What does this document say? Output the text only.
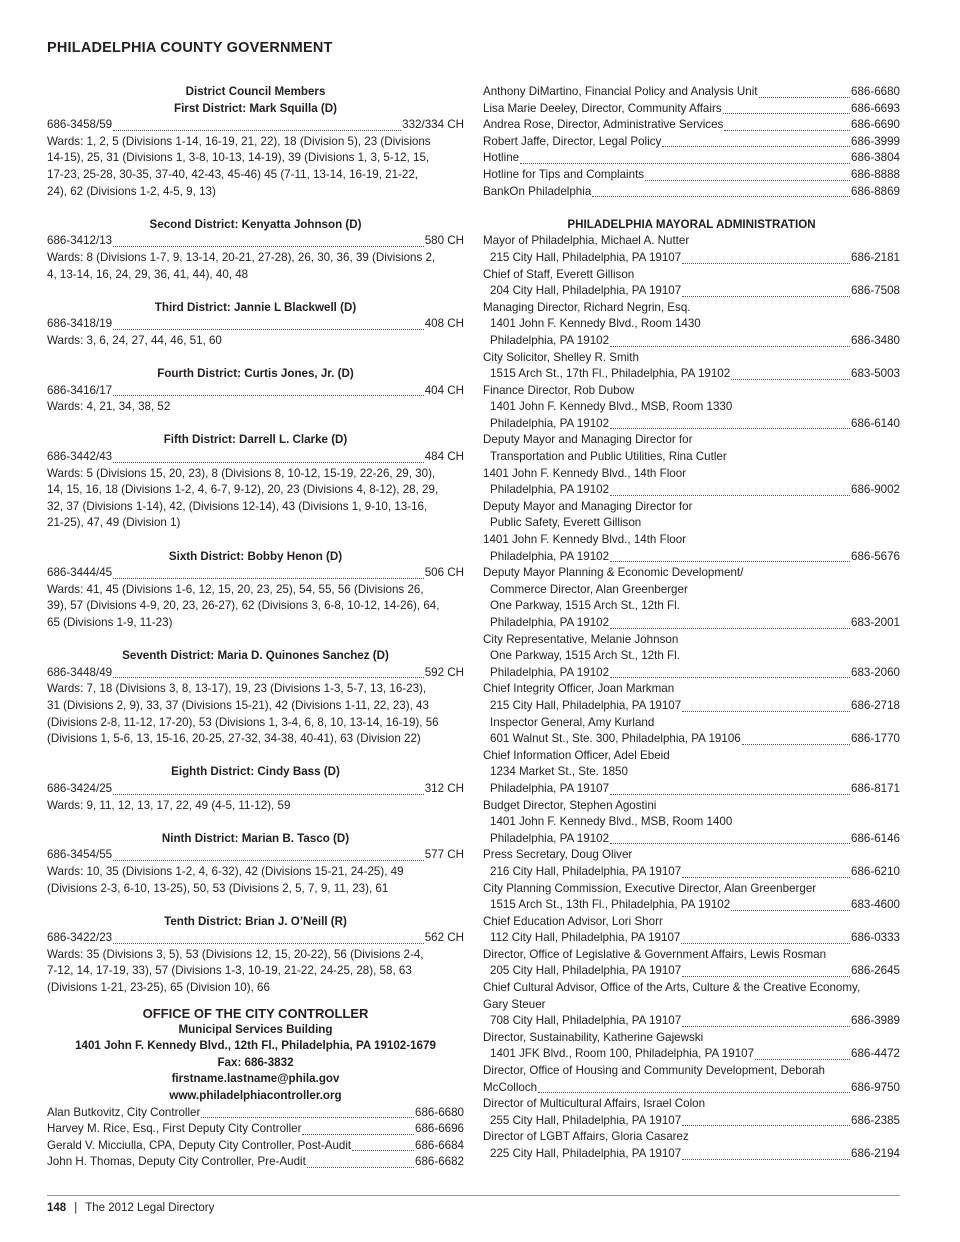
PHILADELPHIA COUNTY GOVERNMENT

District Council Members

First District: Mark Squilla (D)

686-3458/59	332/334 CH

Wards: 1, 2, 5 (Divisions 1-14, 16-19, 21, 22), 18 (Division 5), 23 (Divisions

14-15), 25, 31 (Divisions 1, 3-8, 10-13, 14-19), 39 (Divisions 1, 3, 5-12, 15,

17-23, 25-28, 30-35, 37-40, 42-43, 45-46) 45 (7-11, 13-14, 16-19, 21-22,

24), 62 (Divisions 1-2, 4-5, 9, 13)

Second District: Kenyatta Johnson (D)

686-3412/13	580 CH

Wards: 8 (Divisions 1-7, 9, 13-14, 20-21, 27-28), 26, 30, 36, 39 (Divisions 2,

4, 13-14, 16, 24, 29, 36, 41, 44), 40, 48

Third District: Jannie L Blackwell (D)

686-3418/19	408 CH

Wards: 3, 6, 24, 27, 44, 46, 51, 60

Fourth District: Curtis Jones, Jr. (D)

686-3416/17	404 CH

Wards: 4, 21, 34, 38, 52

Fifth District: Darrell L. Clarke (D)

686-3442/43	484 CH

Wards: 5 (Divisions 15, 20, 23), 8 (Divisions 8, 10-12, 15-19, 22-26, 29, 30),

14, 15, 16, 18 (Divisions 1-2, 4, 6-7, 9-12), 20, 23 (Divisions 4, 8-12), 28, 29,

32, 37 (Divisions 1-14), 42, (Divisions 12-14), 43 (Divisions 1, 9-10, 13-16,

21-25), 47, 49 (Division 1)

Sixth District: Bobby Henon (D)

686-3444/45	506 CH

Wards: 41, 45 (Divisions 1-6, 12, 15, 20, 23, 25), 54, 55, 56 (Divisions 26,

39), 57 (Divisions 4-9, 20, 23, 26-27), 62 (Divisions 3, 6-8, 10-12, 14-26), 64,

65 (Divisions 1-9, 11-23)

Seventh District: Maria D. Quinones Sanchez (D)

686-3448/49	592 CH

Wards: 7, 18 (Divisions 3, 8, 13-17), 19, 23 (Divisions 1-3, 5-7, 13, 16-23),

31 (Divisions 2, 9), 33, 37 (Divisions 15-21), 42 (Divisions 1-11, 22, 23), 43

(Divisions 2-8, 11-12, 17-20), 53 (Divisions 1, 3-4, 6, 8, 10, 13-14, 16-19), 56

(Divisions 1, 5-6, 13, 15-16, 20-25, 27-32, 34-38, 40-41), 63 (Division 22)

Eighth District: Cindy Bass (D)

686-3424/25	312 CH

Wards: 9, 11, 12, 13, 17, 22, 49 (4-5, 11-12), 59

Ninth District: Marian B. Tasco (D)

686-3454/55	577 CH

Wards: 10, 35 (Divisions 1-2, 4, 6-32), 42 (Divisions 15-21, 24-25), 49

(Divisions 2-3, 6-10, 13-25), 50, 53 (Divisions 2, 5, 7, 9, 11, 23), 61

Tenth District: Brian J. O’Neill (R)

686-3422/23	562 CH

Wards: 35 (Divisions 3, 5), 53 (Divisions 12, 15, 20-22), 56 (Divisions 2-4,

7-12, 14, 17-19, 33), 57 (Divisions 1-3, 10-19, 21-22, 24-25, 28), 58, 63

(Divisions 1-21, 23-25), 65 (Division 10), 66

OFFICE OF THE CITY CONTROLLER

Municipal Services Building

1401 John F. Kennedy Blvd., 12th Fl., Philadelphia, PA 19102-1679

Fax: 686-3832

firstname.lastname@phila.gov

www.philadelphiacontroller.org

Alan Butkovitz, City Controller	686-6680
Harvey M. Rice, Esq., First Deputy City Controller	686-6696
Gerald V. Micciulla, CPA, Deputy City Controller, Post-Audit	686-6684
John H. Thomas, Deputy City Controller, Pre-Audit	686-6682
Anthony DiMartino, Financial Policy and Analysis Unit	686-6680
Lisa Marie Deeley, Director, Community Affairs	686-6693
Andrea Rose, Director, Administrative Services	686-6690
Robert Jaffe, Director, Legal Policy	686-3999
Hotline	686-3804
Hotline for Tips and Complaints	686-8888
BankOn Philadelphia	686-8869

PHILADELPHIA MAYORAL ADMINISTRATION

Mayor of Philadelphia, Michael A. Nutter

215 City Hall, Philadelphia, PA 19107	686-2181

Chief of Staff, Everett Gillison

204 City Hall, Philadelphia, PA 19107	686-7508

Managing Director, Richard Negrin, Esq.

1401 John F. Kennedy Blvd., Room 1430

Philadelphia, PA 19102	686-3480

City Solicitor, Shelley R. Smith

1515 Arch St., 17th Fl., Philadelphia, PA 19102	683-5003

Finance Director, Rob Dubow

1401 John F. Kennedy Blvd., MSB, Room 1330

Philadelphia, PA 19102	686-6140

Deputy Mayor and Managing Director for

Transportation and Public Utilities, Rina Cutler

1401 John F. Kennedy Blvd., 14th Floor

Philadelphia, PA 19102	686-9002

Deputy Mayor and Managing Director for

Public Safety, Everett Gillison

1401 John F. Kennedy Blvd., 14th Floor

Philadelphia, PA 19102	686-5676

Deputy Mayor Planning & Economic Development/

Commerce Director, Alan Greenberger

One Parkway, 1515 Arch St., 12th Fl.

Philadelphia, PA 19102	683-2001

City Representative, Melanie Johnson

One Parkway, 1515 Arch St., 12th Fl.

Philadelphia, PA 19102	683-2060

Chief Integrity Officer, Joan Markman

215 City Hall, Philadelphia, PA 19107	686-2718

Inspector General, Amy Kurland

601 Walnut St., Ste. 300, Philadelphia, PA 19106	686-1770

Chief Information Officer, Adel Ebeid

1234 Market St., Ste. 1850

Philadelphia, PA 19107	686-8171

Budget Director, Stephen Agostini

1401 John F. Kennedy Blvd., MSB, Room 1400

Philadelphia, PA 19102	686-6146

Press Secretary, Doug Oliver

216 City Hall, Philadelphia, PA 19107	686-6210

City Planning Commission, Executive Director, Alan Greenberger

1515 Arch St., 13th Fl., Philadelphia, PA 19102	683-4600

Chief Education Advisor, Lori Shorr

112 City Hall, Philadelphia, PA 19107	686-0333

Director, Office of Legislative & Government Affairs, Lewis Rosman

205 City Hall, Philadelphia, PA 19107	686-2645

Chief Cultural Advisor, Office of the Arts, Culture & the Creative Economy,

Gary Steuer

708 City Hall, Philadelphia, PA 19107	686-3989

Director, Sustainability, Katherine Gajewski

1401 JFK Blvd., Room 100, Philadelphia, PA 19107	686-4472

Director, Office of Housing and Community Development, Deborah

McColloch	686-9750

Director of Multicultural Affairs, Israel Colon

255 City Hall, Philadelphia, PA 19107	686-2385

Director of LGBT Affairs, Gloria Casarez

225 City Hall, Philadelphia, PA 19107	686-2194
148 | The 2012 Legal Directory
